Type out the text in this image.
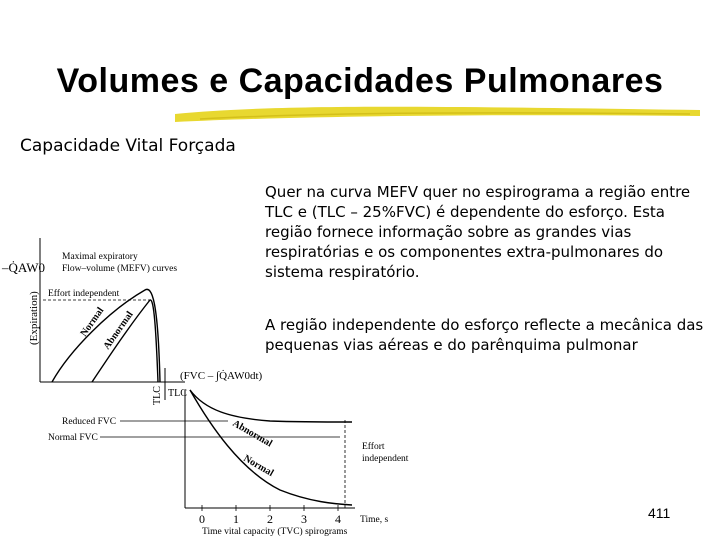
Volumes e Capacidades Pulmonares
Capacidade Vital Forçada
Quer na curva MEFV quer no espirograma a região entre TLC e (TLC – 25%FVC) é dependente do esforço. Esta região fornece informação sobre as grandes vias respiratórias e os componentes extra-pulmonares do sistema respiratório.
A região independente do esforço reflecte a mecânica das pequenas vias aéreas e do parênquima pulmonar
–Q̇AW0
(Expiration)
Maximal expiratory
Flow–volume (MEFV) curves
Effort independent
Normal
Abnormal
TLC
(FVC – ∫Q̇AW0dt)
TLC
Reduced FVC
Normal FVC	Abnormal
Normal
Effort
independent
0 1 2 3 4 Time, s
Time vital capacity (TVC) spirograms
411
